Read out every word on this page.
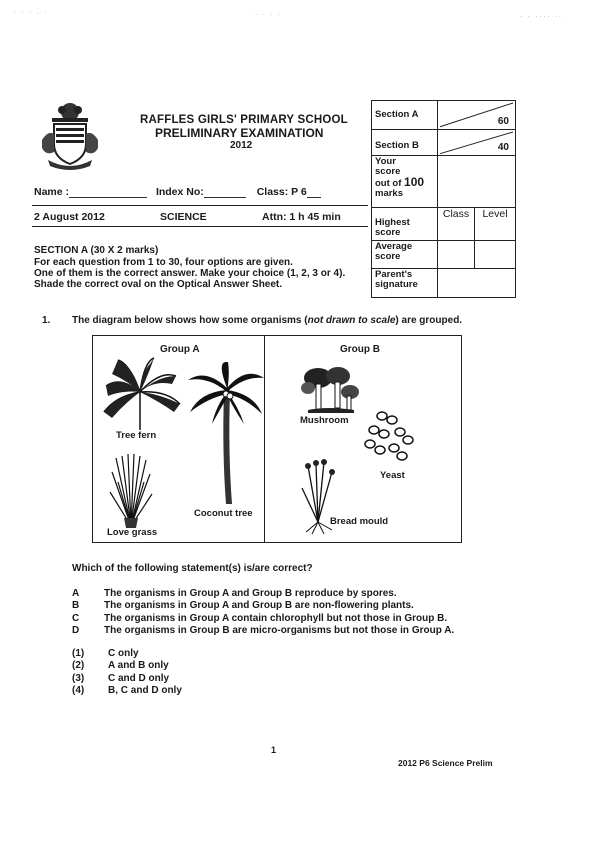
· · · . ·	· · · ·	· · ···· ··
RAFFLES GIRLS' PRIMARY SCHOOL
PRELIMINARY EXAMINATION
2012
Name :	Index No:	Class: P 6
2 August 2012	SCIENCE	Attn: 1 h 45 min
SECTION A (30 X 2 marks)
For each question from 1 to 30, four options are given.
One of them is the correct answer. Make your choice (1, 2, 3 or 4).
Shade the correct oval on the Optical Answer Sheet.
Section A	60	

Section B	40	

Your
score
out of 100
marks		

Highest
score	Class	Level

Average
score		

Parent's
signature		

1. The diagram below shows how some organisms (not drawn to scale) are grouped.
Group A	Group B
Tree fern
Coconut tree
Love grass
Mushroom
Yeast
Bread mould
Which of the following statement(s) is/are correct?
A The organisms in Group A and Group B reproduce by spores.
B The organisms in Group A and Group B are non-flowering plants.
C The organisms in Group A contain chlorophyll but not those in Group B.
D The organisms in Group B are micro-organisms but not those in Group A.
(1) C only
(2) A and B only
(3) C and D only
(4) B, C and D only
1
2012 P6 Science Prelim
